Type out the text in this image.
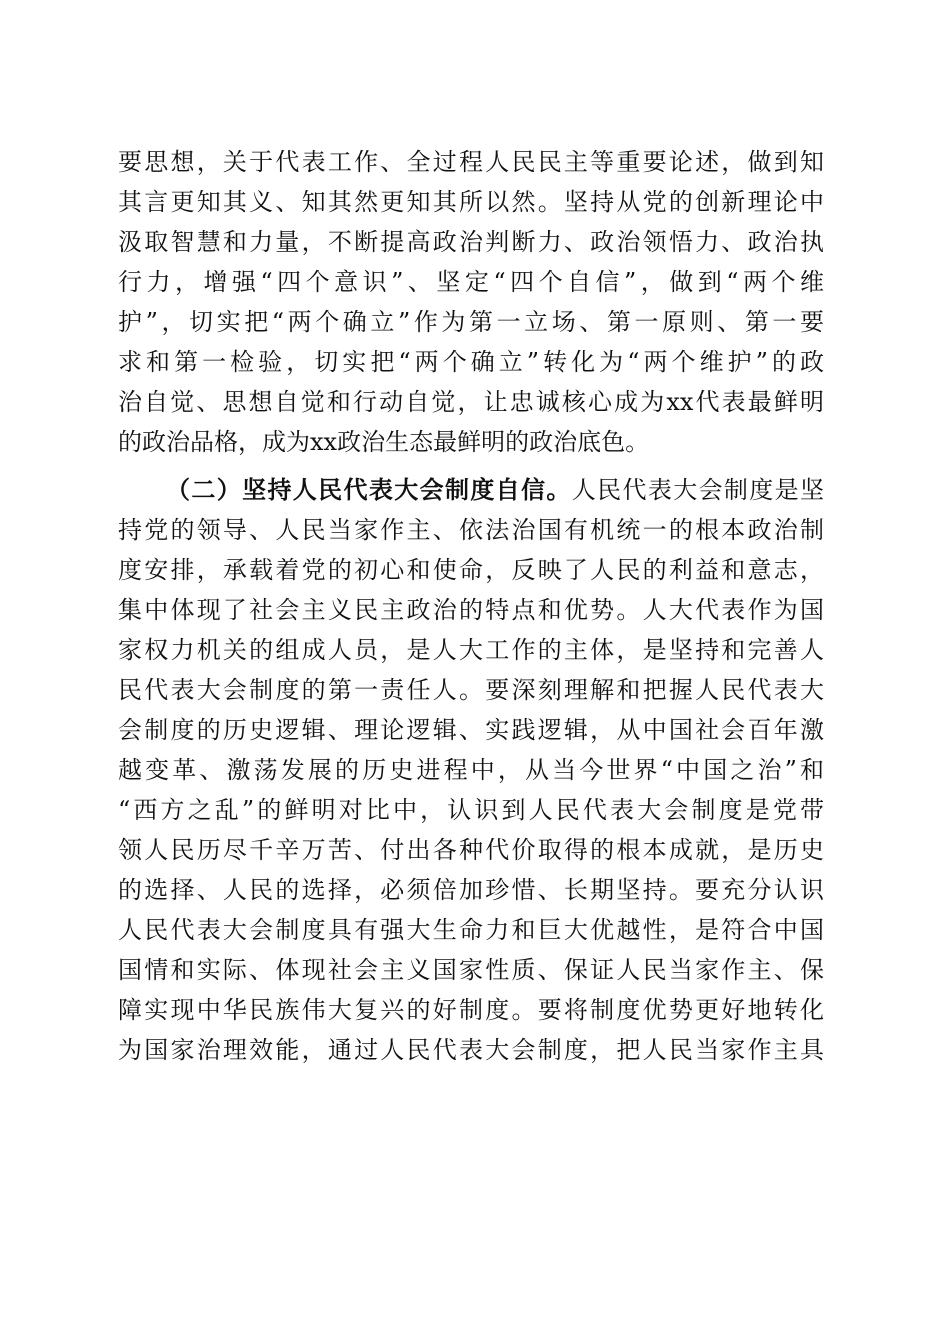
要思想，关于代表工作、全过程人民民主等重要论述，做到知
其言更知其义、知其然更知其所以然。坚持从党的创新理论中
汲取智慧和力量，不断提高政治判断力、政治领悟力、政治执
行力，增强“四个意识”、坚定“四个自信”，做到“两个维
护”，切实把“两个确立”作为第一立场、第一原则、第一要
求和第一检验，切实把“两个确立”转化为“两个维护”的政
治自觉、思想自觉和行动自觉，让忠诚核心成为xx代表最鲜明
的政治品格，成为xx政治生态最鲜明的政治底色。
（二）坚持人民代表大会制度自信。人民代表大会制度是坚
持党的领导、人民当家作主、依法治国有机统一的根本政治制
度安排，承载着党的初心和使命，反映了人民的利益和意志，
集中体现了社会主义民主政治的特点和优势。人大代表作为国
家权力机关的组成人员，是人大工作的主体，是坚持和完善人
民代表大会制度的第一责任人。要深刻理解和把握人民代表大
会制度的历史逻辑、理论逻辑、实践逻辑，从中国社会百年激
越变革、激荡发展的历史进程中，从当今世界“中国之治”和
“西方之乱”的鲜明对比中，认识到人民代表大会制度是党带
领人民历尽千辛万苦、付出各种代价取得的根本成就，是历史
的选择、人民的选择，必须倍加珍惜、长期坚持。要充分认识
人民代表大会制度具有强大生命力和巨大优越性，是符合中国
国情和实际、体现社会主义国家性质、保证人民当家作主、保
障实现中华民族伟大复兴的好制度。要将制度优势更好地转化
为国家治理效能，通过人民代表大会制度，把人民当家作主具
